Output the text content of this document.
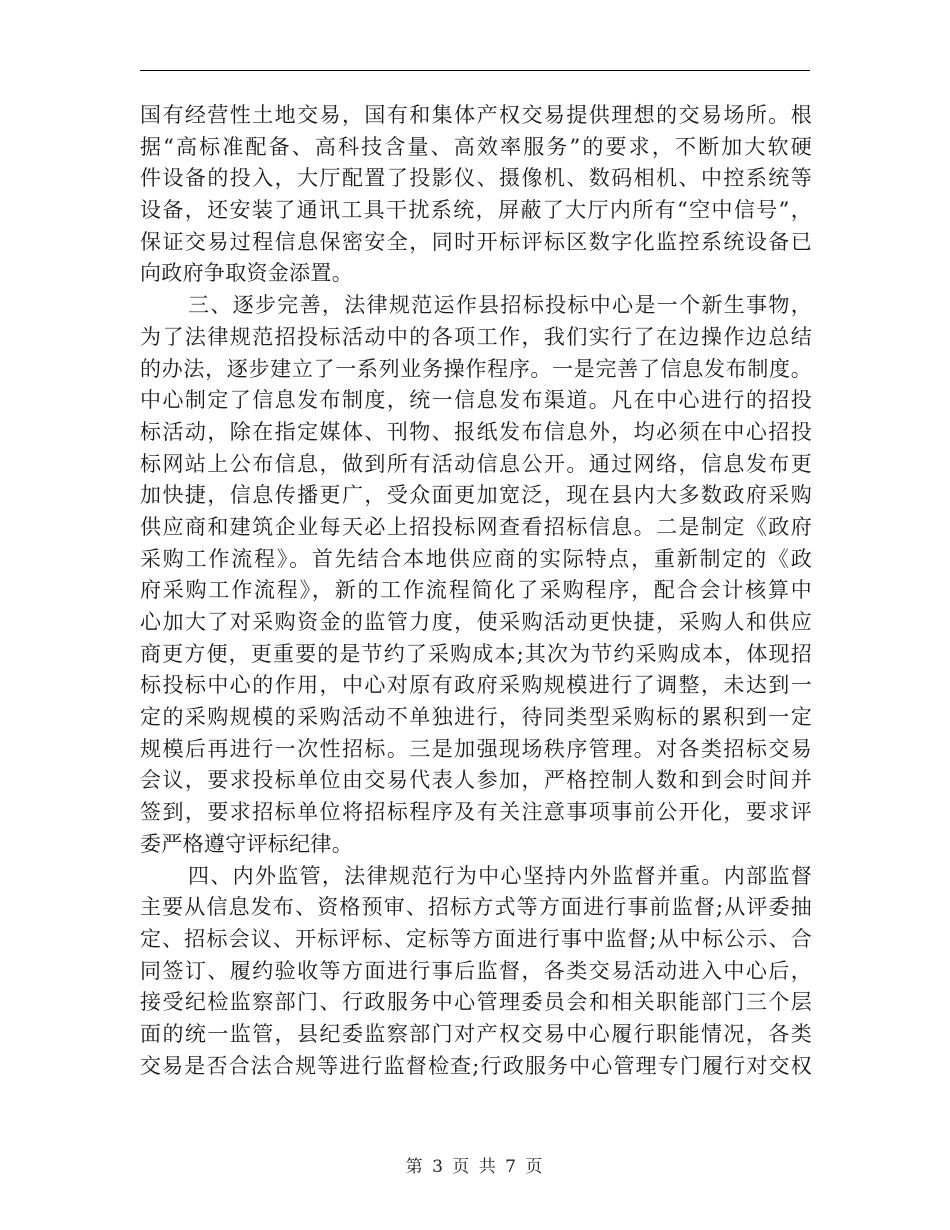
国有经营性土地交易，国有和集体产权交易提供理想的交易场所。根
据“高标准配备、高科技含量、高效率服务”的要求，不断加大软硬
件设备的投入，大厅配置了投影仪、摄像机、数码相机、中控系统等
设备，还安装了通讯工具干扰系统，屏蔽了大厅内所有“空中信号”，
保证交易过程信息保密安全，同时开标评标区数字化监控系统设备已
向政府争取资金添置。
三、逐步完善，法律规范运作县招标投标中心是一个新生事物，
为了法律规范招投标活动中的各项工作，我们实行了在边操作边总结
的办法，逐步建立了一系列业务操作程序。一是完善了信息发布制度。
中心制定了信息发布制度，统一信息发布渠道。凡在中心进行的招投
标活动，除在指定媒体、刊物、报纸发布信息外，均必须在中心招投
标网站上公布信息，做到所有活动信息公开。通过网络，信息发布更
加快捷，信息传播更广，受众面更加宽泛，现在县内大多数政府采购
供应商和建筑企业每天必上招投标网查看招标信息。二是制定《政府
采购工作流程》。首先结合本地供应商的实际特点，重新制定的《政
府采购工作流程》，新的工作流程简化了采购程序，配合会计核算中
心加大了对采购资金的监管力度，使采购活动更快捷，采购人和供应
商更方便，更重要的是节约了采购成本;其次为节约采购成本，体现招
标投标中心的作用，中心对原有政府采购规模进行了调整，未达到一
定的采购规模的采购活动不单独进行，待同类型采购标的累积到一定
规模后再进行一次性招标。三是加强现场秩序管理。对各类招标交易
会议，要求投标单位由交易代表人参加，严格控制人数和到会时间并
签到，要求招标单位将招标程序及有关注意事项事前公开化，要求评
委严格遵守评标纪律。
四、内外监管，法律规范行为中心坚持内外监督并重。内部监督
主要从信息发布、资格预审、招标方式等方面进行事前监督;从评委抽
定、招标会议、开标评标、定标等方面进行事中监督;从中标公示、合
同签订、履约验收等方面进行事后监督，各类交易活动进入中心后，
接受纪检监察部门、行政服务中心管理委员会和相关职能部门三个层
面的统一监管，县纪委监察部门对产权交易中心履行职能情况，各类
交易是否合法合规等进行监督检查;行政服务中心管理专门履行对交权
第 3 页 共 7 页
